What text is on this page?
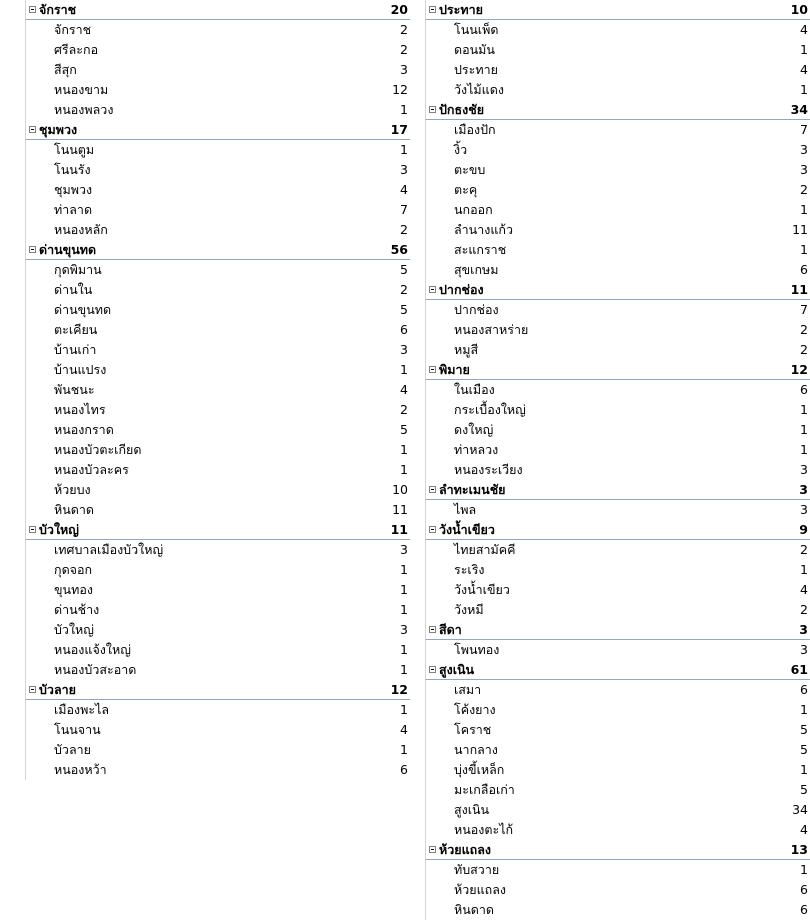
จักราช	20
จักราช	2
ศรีละกอ	2
สีสุก	3
หนองขาม	12
หนองพลวง	1
ชุมพวง	17
โนนตูม	1
โนนรัง	3
ชุมพวง	4
ท่าลาด	7
หนองหลัก	2
ด่านขุนทด	56
กุดพิมาน	5
ด่านใน	2
ด่านขุนทด	5
ตะเคียน	6
บ้านเก่า	3
บ้านแปรง	1
พันชนะ	4
หนองไทร	2
หนองกราด	5
หนองบัวตะเกียด	1
หนองบัวละคร	1
ห้วยบง	10
หินดาด	11
บัวใหญ่	11
เทศบาลเมืองบัวใหญ่	3
กุดจอก	1
ขุนทอง	1
ด่านช้าง	1
บัวใหญ่	3
หนองแจ้งใหญ่	1
หนองบัวสะอาด	1
บัวลาย	12
เมืองพะไล	1
โนนจาน	4
บัวลาย	1
หนองหว้า	6
ประทาย	10
โนนเพ็ด	4
ดอนมัน	1
ประทาย	4
วังไม้แดง	1
ปักธงชัย	34
เมืองปัก	7
งิ้ว	3
ตะขบ	3
ตะคุ	2
นกออก	1
ลำนางแก้ว	11
สะแกราช	1
สุขเกษม	6
ปากช่อง	11
ปากช่อง	7
หนองสาหร่าย	2
หมูสี	2
พิมาย	12
ในเมือง	6
กระเบื้องใหญ่	1
ดงใหญ่	1
ท่าหลวง	1
หนองระเวียง	3
ลำทะเมนชัย	3
ไพล	3
วังน้ำเขียว	9
ไทยสามัคคี	2
ระเริง	1
วังน้ำเขียว	4
วังหมี	2
สีดา	3
โพนทอง	3
สูงเนิน	61
เสมา	6
โค้งยาง	1
โคราช	5
นากลาง	5
บุ่งขี้เหล็ก	1
มะเกลือเก่า	5
สูงเนิน	34
หนองตะไก้	4
ห้วยแถลง	13
ทับสวาย	1
ห้วยแถลง	6
หินดาด	6
